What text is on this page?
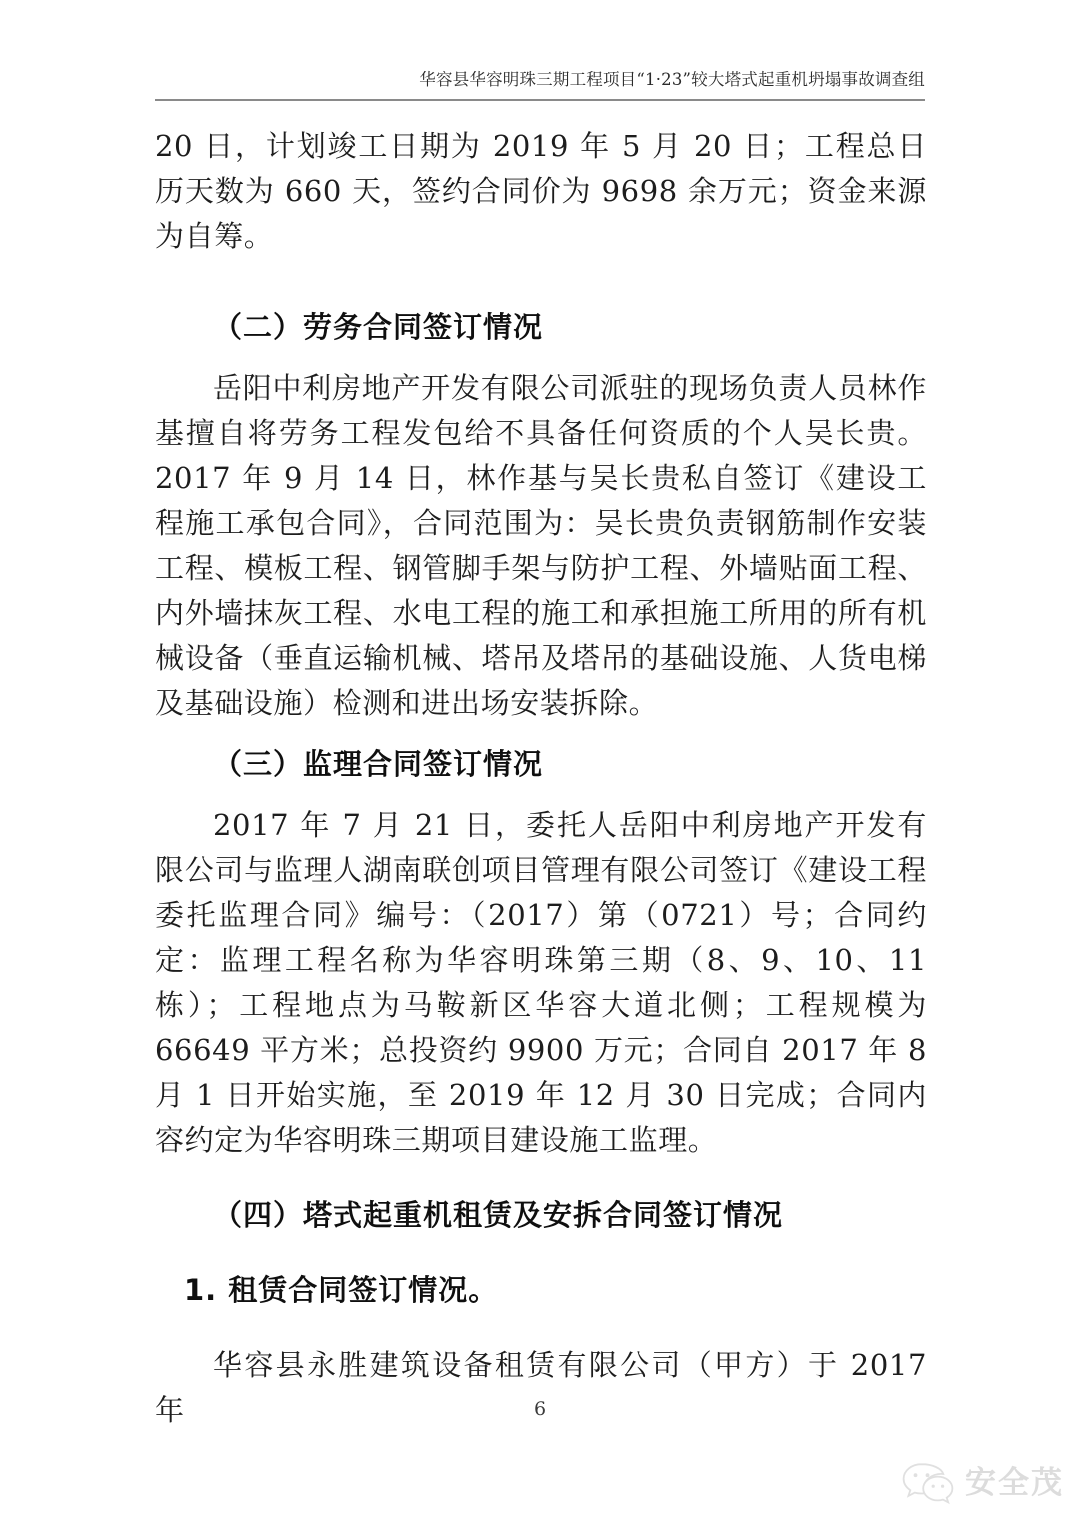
华容县华容明珠三期工程项目“1·23”较大塔式起重机坍塌事故调查组

20 日，计划竣工日期为 2019 年 5 月 20 日；工程总日历天数为 660 天，签约合同价为 9698 余万元；资金来源为自筹。

（二）劳务合同签订情况

岳阳中利房地产开发有限公司派驻的现场负责人员林作基擅自将劳务工程发包给不具备任何资质的个人吴长贵。2017 年 9 月 14 日，林作基与吴长贵私自签订《建设工程施工承包合同》，合同范围为：吴长贵负责钢筋制作安装工程、模板工程、钢管脚手架与防护工程、外墙贴面工程、内外墙抹灰工程、水电工程的施工和承担施工所用的所有机械设备（垂直运输机械、塔吊及塔吊的基础设施、人货电梯及基础设施）检测和进出场安装拆除。

（三）监理合同签订情况

2017 年 7 月 21 日，委托人岳阳中利房地产开发有限公司与监理人湖南联创项目管理有限公司签订《建设工程委托监理合同》编号：（2017）第（0721）号；合同约定：监理工程名称为华容明珠第三期（8、9、10、11 栋）；工程地点为马鞍新区华容大道北侧；工程规模为 66649 平方米；总投资约 9900 万元；合同自 2017 年 8 月 1 日开始实施，至 2019 年 12 月 30 日完成；合同内容约定为华容明珠三期项目建设施工监理。

（四）塔式起重机租赁及安拆合同签订情况

1. 租赁合同签订情况。

华容县永胜建筑设备租赁有限公司（甲方）于 2017 年	6
安全茂
